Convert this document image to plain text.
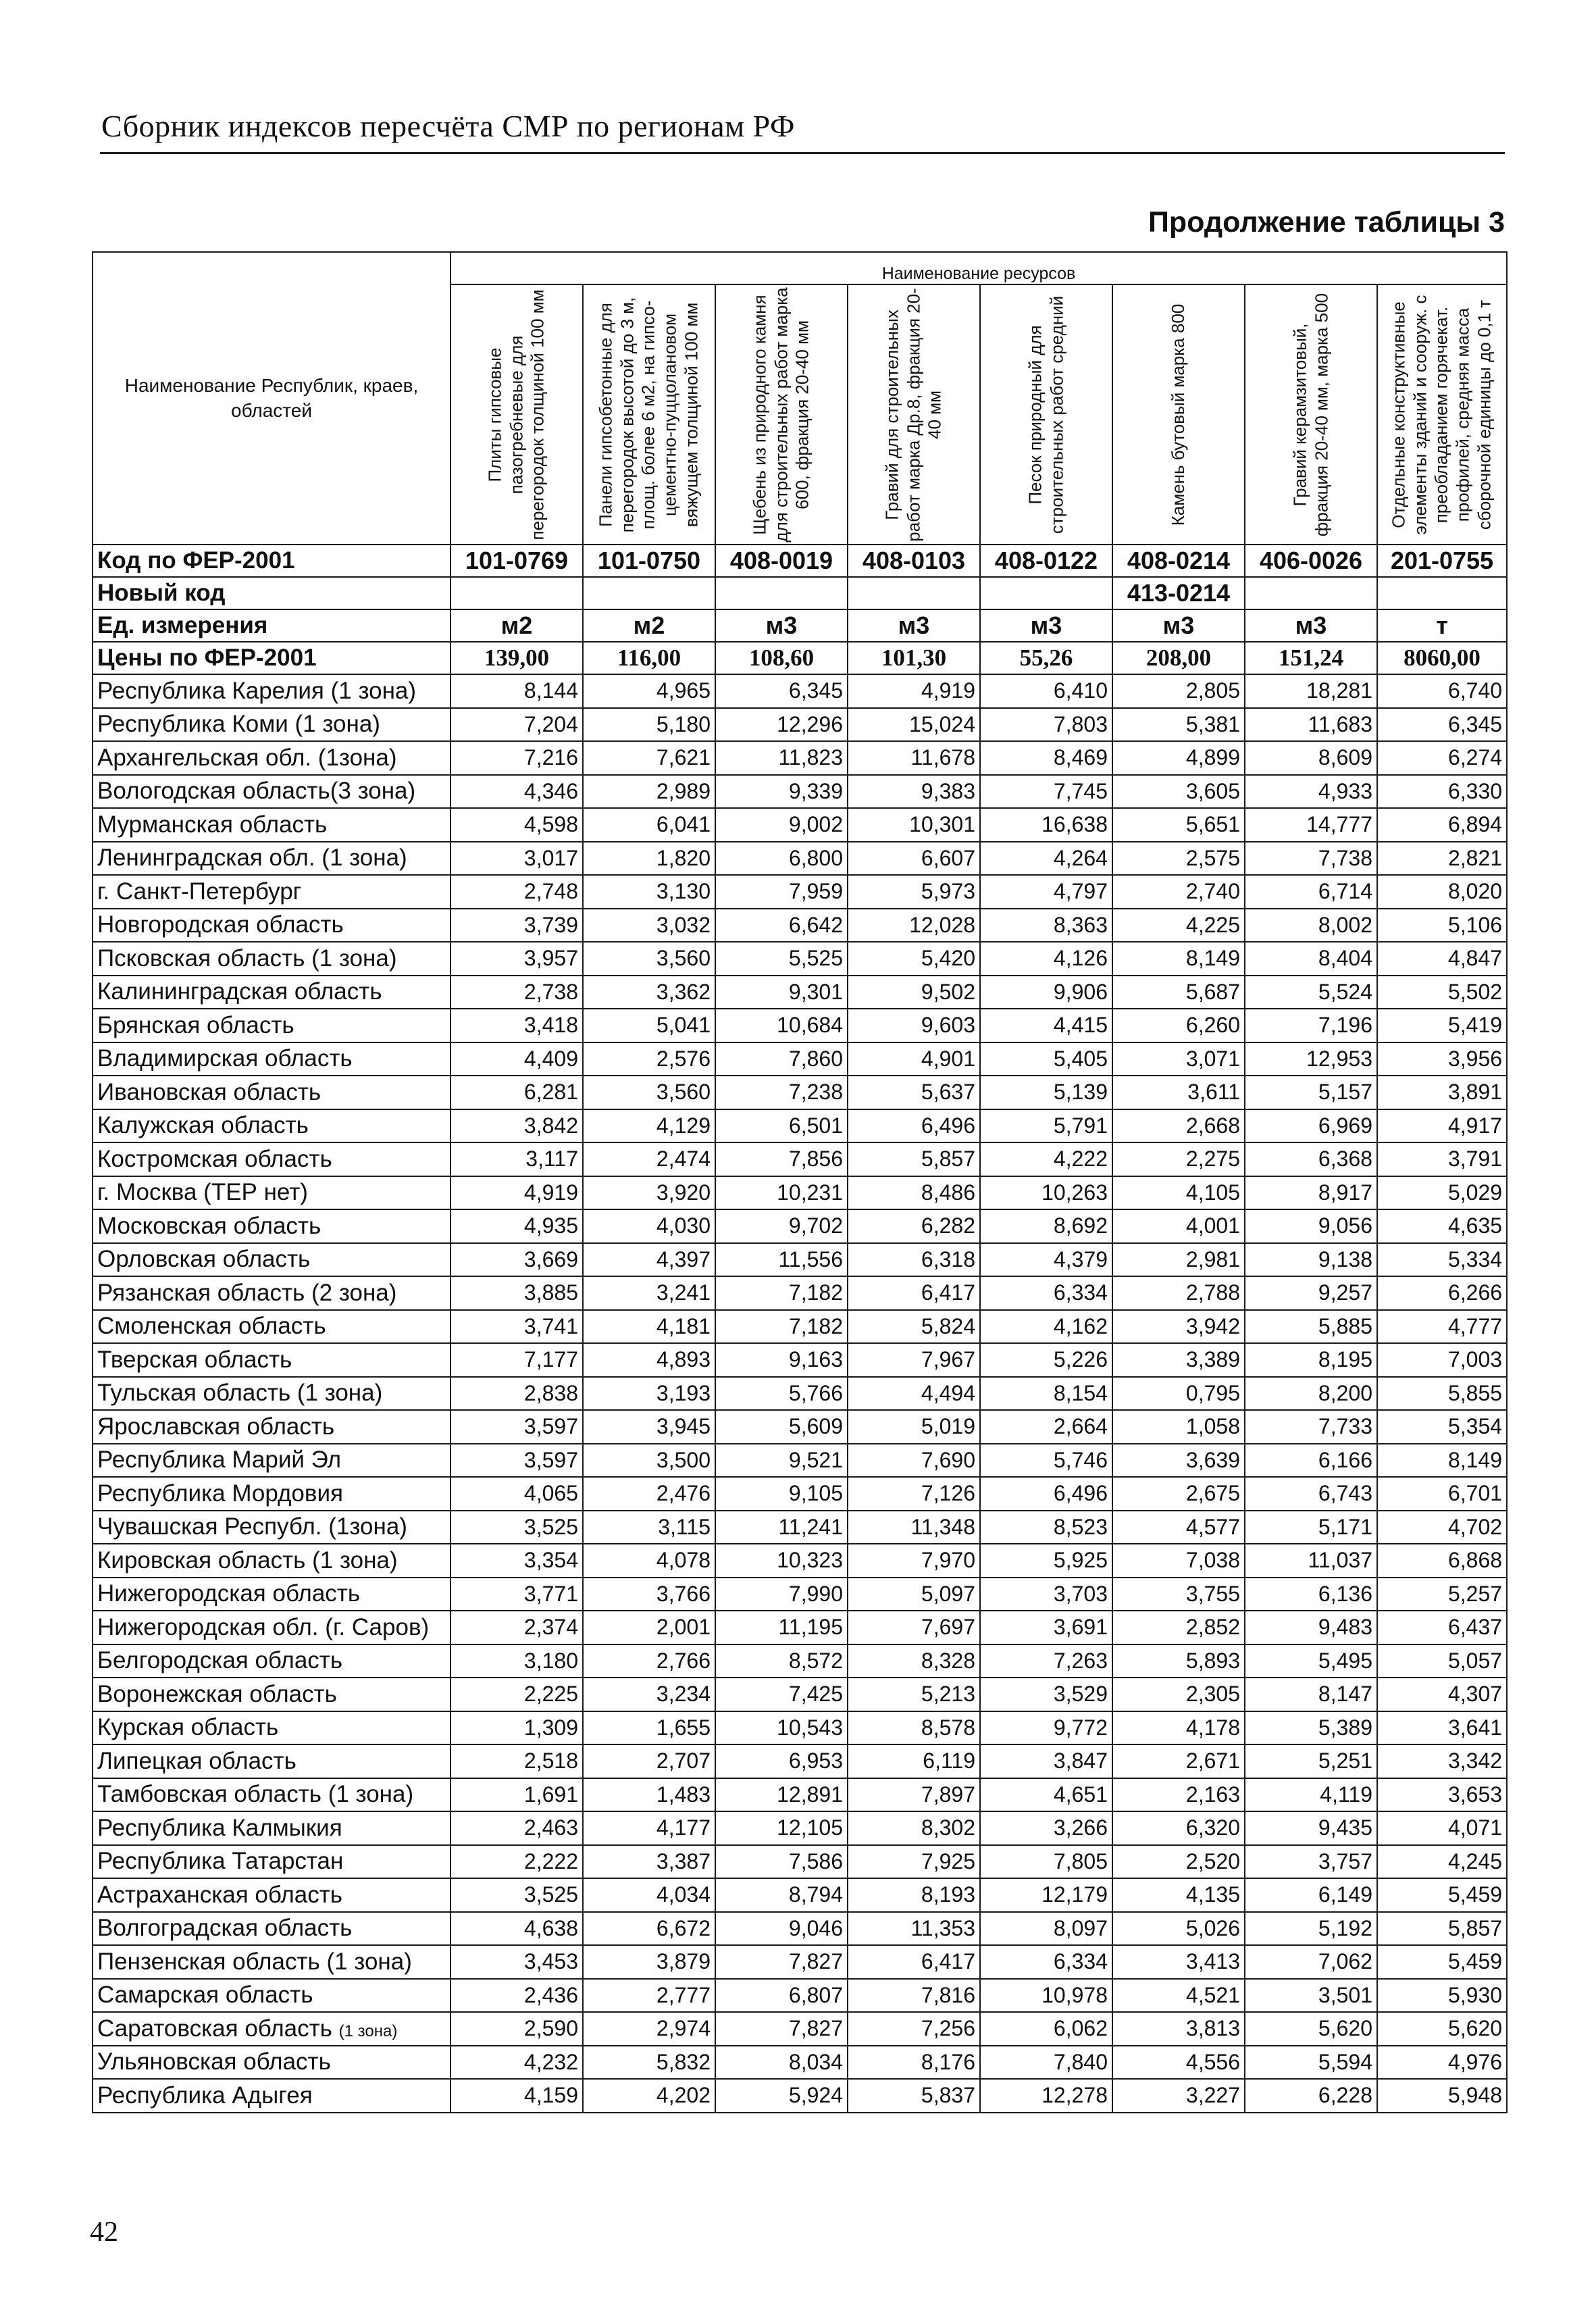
Сборник индексов пересчёта СМР по регионам РФ
Продолжение таблицы 3
Наименование Республик, краев, областей	Наименование ресурсов							

	Плиты гипсовые пазогребневые для перегородок толщиной 100 мм	Панели гипсобетонные для перегородок высотой до 3 м, площ. более 6 м2, на гипсо-цементно-пуццолановом вяжущем толщиной 100 мм	Щебень из природного камня для строительных работ марка 600, фракция 20-40 мм	Гравий для строительных работ марка Др.8, фракция 20-40 мм	Песок природный для строительных работ средний	Камень бутовый марка 800	Гравий керамзитовый, фракция 20-40 мм, марка 500	Отдельные конструктивные элементы зданий и сооруж. с преобладанием горячекат. профилей, средняя масса сборочной единицы до 0,1 т

Код по ФЕР-2001	101-0769	101-0750	408-0019	408-0103	408-0122	408-0214	406-0026	201-0755
Новый код						413-0214		
Ед. измерения	м2	м2	м3	м3	м3	м3	м3	т
Цены по ФЕР-2001	139,00	116,00	108,60	101,30	55,26	208,00	151,24	8060,00
Республика Карелия (1 зона)	8,144	4,965	6,345	4,919	6,410	2,805	18,281	6,740
Республика Коми (1 зона)	7,204	5,180	12,296	15,024	7,803	5,381	11,683	6,345
Архангельская обл. (1зона)	7,216	7,621	11,823	11,678	8,469	4,899	8,609	6,274
Вологодская область(3 зона)	4,346	2,989	9,339	9,383	7,745	3,605	4,933	6,330
Мурманская область	4,598	6,041	9,002	10,301	16,638	5,651	14,777	6,894
Ленинградская обл. (1 зона)	3,017	1,820	6,800	6,607	4,264	2,575	7,738	2,821
г. Санкт-Петербург	2,748	3,130	7,959	5,973	4,797	2,740	6,714	8,020
Новгородская область	3,739	3,032	6,642	12,028	8,363	4,225	8,002	5,106
Псковская область (1 зона)	3,957	3,560	5,525	5,420	4,126	8,149	8,404	4,847
Калининградская область	2,738	3,362	9,301	9,502	9,906	5,687	5,524	5,502
Брянская область	3,418	5,041	10,684	9,603	4,415	6,260	7,196	5,419
Владимирская область	4,409	2,576	7,860	4,901	5,405	3,071	12,953	3,956
Ивановская область	6,281	3,560	7,238	5,637	5,139	3,611	5,157	3,891
Калужская область	3,842	4,129	6,501	6,496	5,791	2,668	6,969	4,917
Костромская область	3,117	2,474	7,856	5,857	4,222	2,275	6,368	3,791
г. Москва (ТЕР нет)	4,919	3,920	10,231	8,486	10,263	4,105	8,917	5,029
Московская область	4,935	4,030	9,702	6,282	8,692	4,001	9,056	4,635
Орловская область	3,669	4,397	11,556	6,318	4,379	2,981	9,138	5,334
Рязанская область (2 зона)	3,885	3,241	7,182	6,417	6,334	2,788	9,257	6,266
Смоленская область	3,741	4,181	7,182	5,824	4,162	3,942	5,885	4,777
Тверская область	7,177	4,893	9,163	7,967	5,226	3,389	8,195	7,003
Тульская область (1 зона)	2,838	3,193	5,766	4,494	8,154	0,795	8,200	5,855
Ярославская область	3,597	3,945	5,609	5,019	2,664	1,058	7,733	5,354
Республика Марий Эл	3,597	3,500	9,521	7,690	5,746	3,639	6,166	8,149
Республика Мордовия	4,065	2,476	9,105	7,126	6,496	2,675	6,743	6,701
Чувашская Республ. (1зона)	3,525	3,115	11,241	11,348	8,523	4,577	5,171	4,702
Кировская область (1 зона)	3,354	4,078	10,323	7,970	5,925	7,038	11,037	6,868
Нижегородская область	3,771	3,766	7,990	5,097	3,703	3,755	6,136	5,257
Нижегородская обл. (г. Саров)	2,374	2,001	11,195	7,697	3,691	2,852	9,483	6,437
Белгородская область	3,180	2,766	8,572	8,328	7,263	5,893	5,495	5,057
Воронежская область	2,225	3,234	7,425	5,213	3,529	2,305	8,147	4,307
Курская область	1,309	1,655	10,543	8,578	9,772	4,178	5,389	3,641
Липецкая область	2,518	2,707	6,953	6,119	3,847	2,671	5,251	3,342
Тамбовская область (1 зона)	1,691	1,483	12,891	7,897	4,651	2,163	4,119	3,653
Республика Калмыкия	2,463	4,177	12,105	8,302	3,266	6,320	9,435	4,071
Республика Татарстан	2,222	3,387	7,586	7,925	7,805	2,520	3,757	4,245
Астраханская область	3,525	4,034	8,794	8,193	12,179	4,135	6,149	5,459
Волгоградская область	4,638	6,672	9,046	11,353	8,097	5,026	5,192	5,857
Пензенская область (1 зона)	3,453	3,879	7,827	6,417	6,334	3,413	7,062	5,459
Самарская область	2,436	2,777	6,807	7,816	10,978	4,521	3,501	5,930
Саратовская область (1 зона)	2,590	2,974	7,827	7,256	6,062	3,813	5,620	5,620
Ульяновская область	4,232	5,832	8,034	8,176	7,840	4,556	5,594	4,976
Республика Адыгея	4,159	4,202	5,924	5,837	12,278	3,227	6,228	5,948
42
